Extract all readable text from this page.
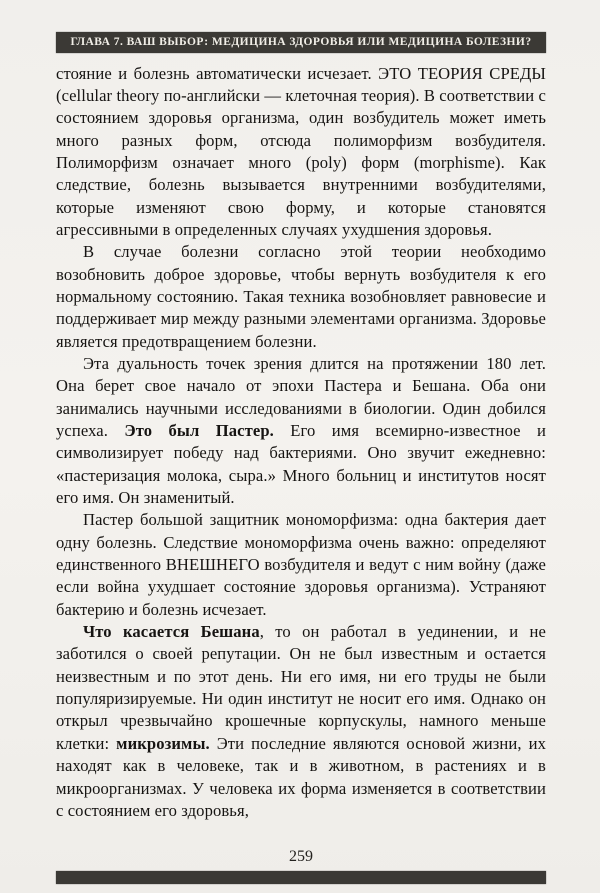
ГЛАВА 7. ВАШ ВЫБОР: МЕДИЦИНА ЗДОРОВЬЯ ИЛИ МЕДИЦИНА БОЛЕЗНИ?

стояние и болезнь автоматически исчезает. ЭТО ТЕОРИЯ СРЕДЫ (cellular theory по-английски — клеточная теория). В соответствии с состоянием здоровья организма, один возбудитель может иметь много разных форм, отсюда полиморфизм возбудителя. Полиморфизм означает много (poly) форм (morphisme). Как следствие, болезнь вызывается внутренними возбудителями, которые изменяют свою форму, и которые становятся агрессивными в определенных случаях ухудшения здоровья.

В случае болезни согласно этой теории необходимо возобновить доброе здоровье, чтобы вернуть возбудителя к его нормальному состоянию. Такая техника возобновляет равновесие и поддерживает мир между разными элементами организма. Здоровье является предотвращением болезни.

Эта дуальность точек зрения длится на протяжении 180 лет. Она берет свое начало от эпохи Пастера и Бешана. Оба они занимались научными исследованиями в биологии. Один добился успеха. Это был Пастер. Его имя всемирно-известное и символизирует победу над бактериями. Оно звучит ежедневно: «пастеризация молока, сыра.» Много больниц и институтов носят его имя. Он знаменитый.

Пастер большой защитник мономорфизма: одна бактерия дает одну болезнь. Следствие мономорфизма очень важно: определяют единственного ВНЕШНЕГО возбудителя и ведут с ним войну (даже если война ухудшает состояние здоровья организма). Устраняют бактерию и болезнь исчезает.

Что касается Бешана, то он работал в уединении, и не заботился о своей репутации. Он не был известным и остается неизвестным и по этот день. Ни его имя, ни его труды не были популяризируемые. Ни один институт не носит его имя. Однако он открыл чрезвычайно крошечные корпускулы, намного меньше клетки: микрозимы. Эти последние являются основой жизни, их находят как в человеке, так и в животном, в растениях и в микроорганизмах. У человека их форма изменяется в соответствии с состоянием его здоровья,

259
